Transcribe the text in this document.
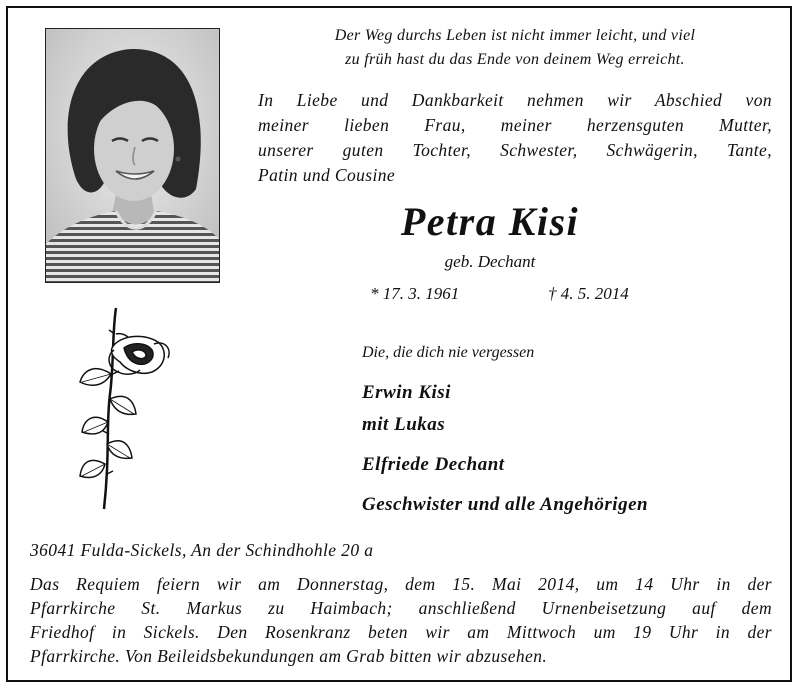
Der Weg durchs Leben ist nicht immer leicht, und viel
zu früh hast du das Ende von deinem Weg erreicht.
In Liebe und Dankbarkeit nehmen wir Abschied von
meiner lieben Frau, meiner herzensguten Mutter,
unserer guten Tochter, Schwester, Schwägerin, Tante,
Patin und Cousine
Petra Kisi
geb. Dechant
* 17. 3. 1961	† 4. 5. 2014
Die, die dich nie vergessen
Erwin Kisi
mit Lukas
Elfriede Dechant
Geschwister und alle Angehörigen
36041 Fulda-Sickels, An der Schindhohle 20 a
Das Requiem feiern wir am Donnerstag, dem 15. Mai 2014, um 14 Uhr in der
Pfarrkirche St. Markus zu Haimbach; anschließend Urnenbeisetzung auf dem
Friedhof in Sickels. Den Rosenkranz beten wir am Mittwoch um 19 Uhr in der
Pfarrkirche. Von Beileidsbekundungen am Grab bitten wir abzusehen.
